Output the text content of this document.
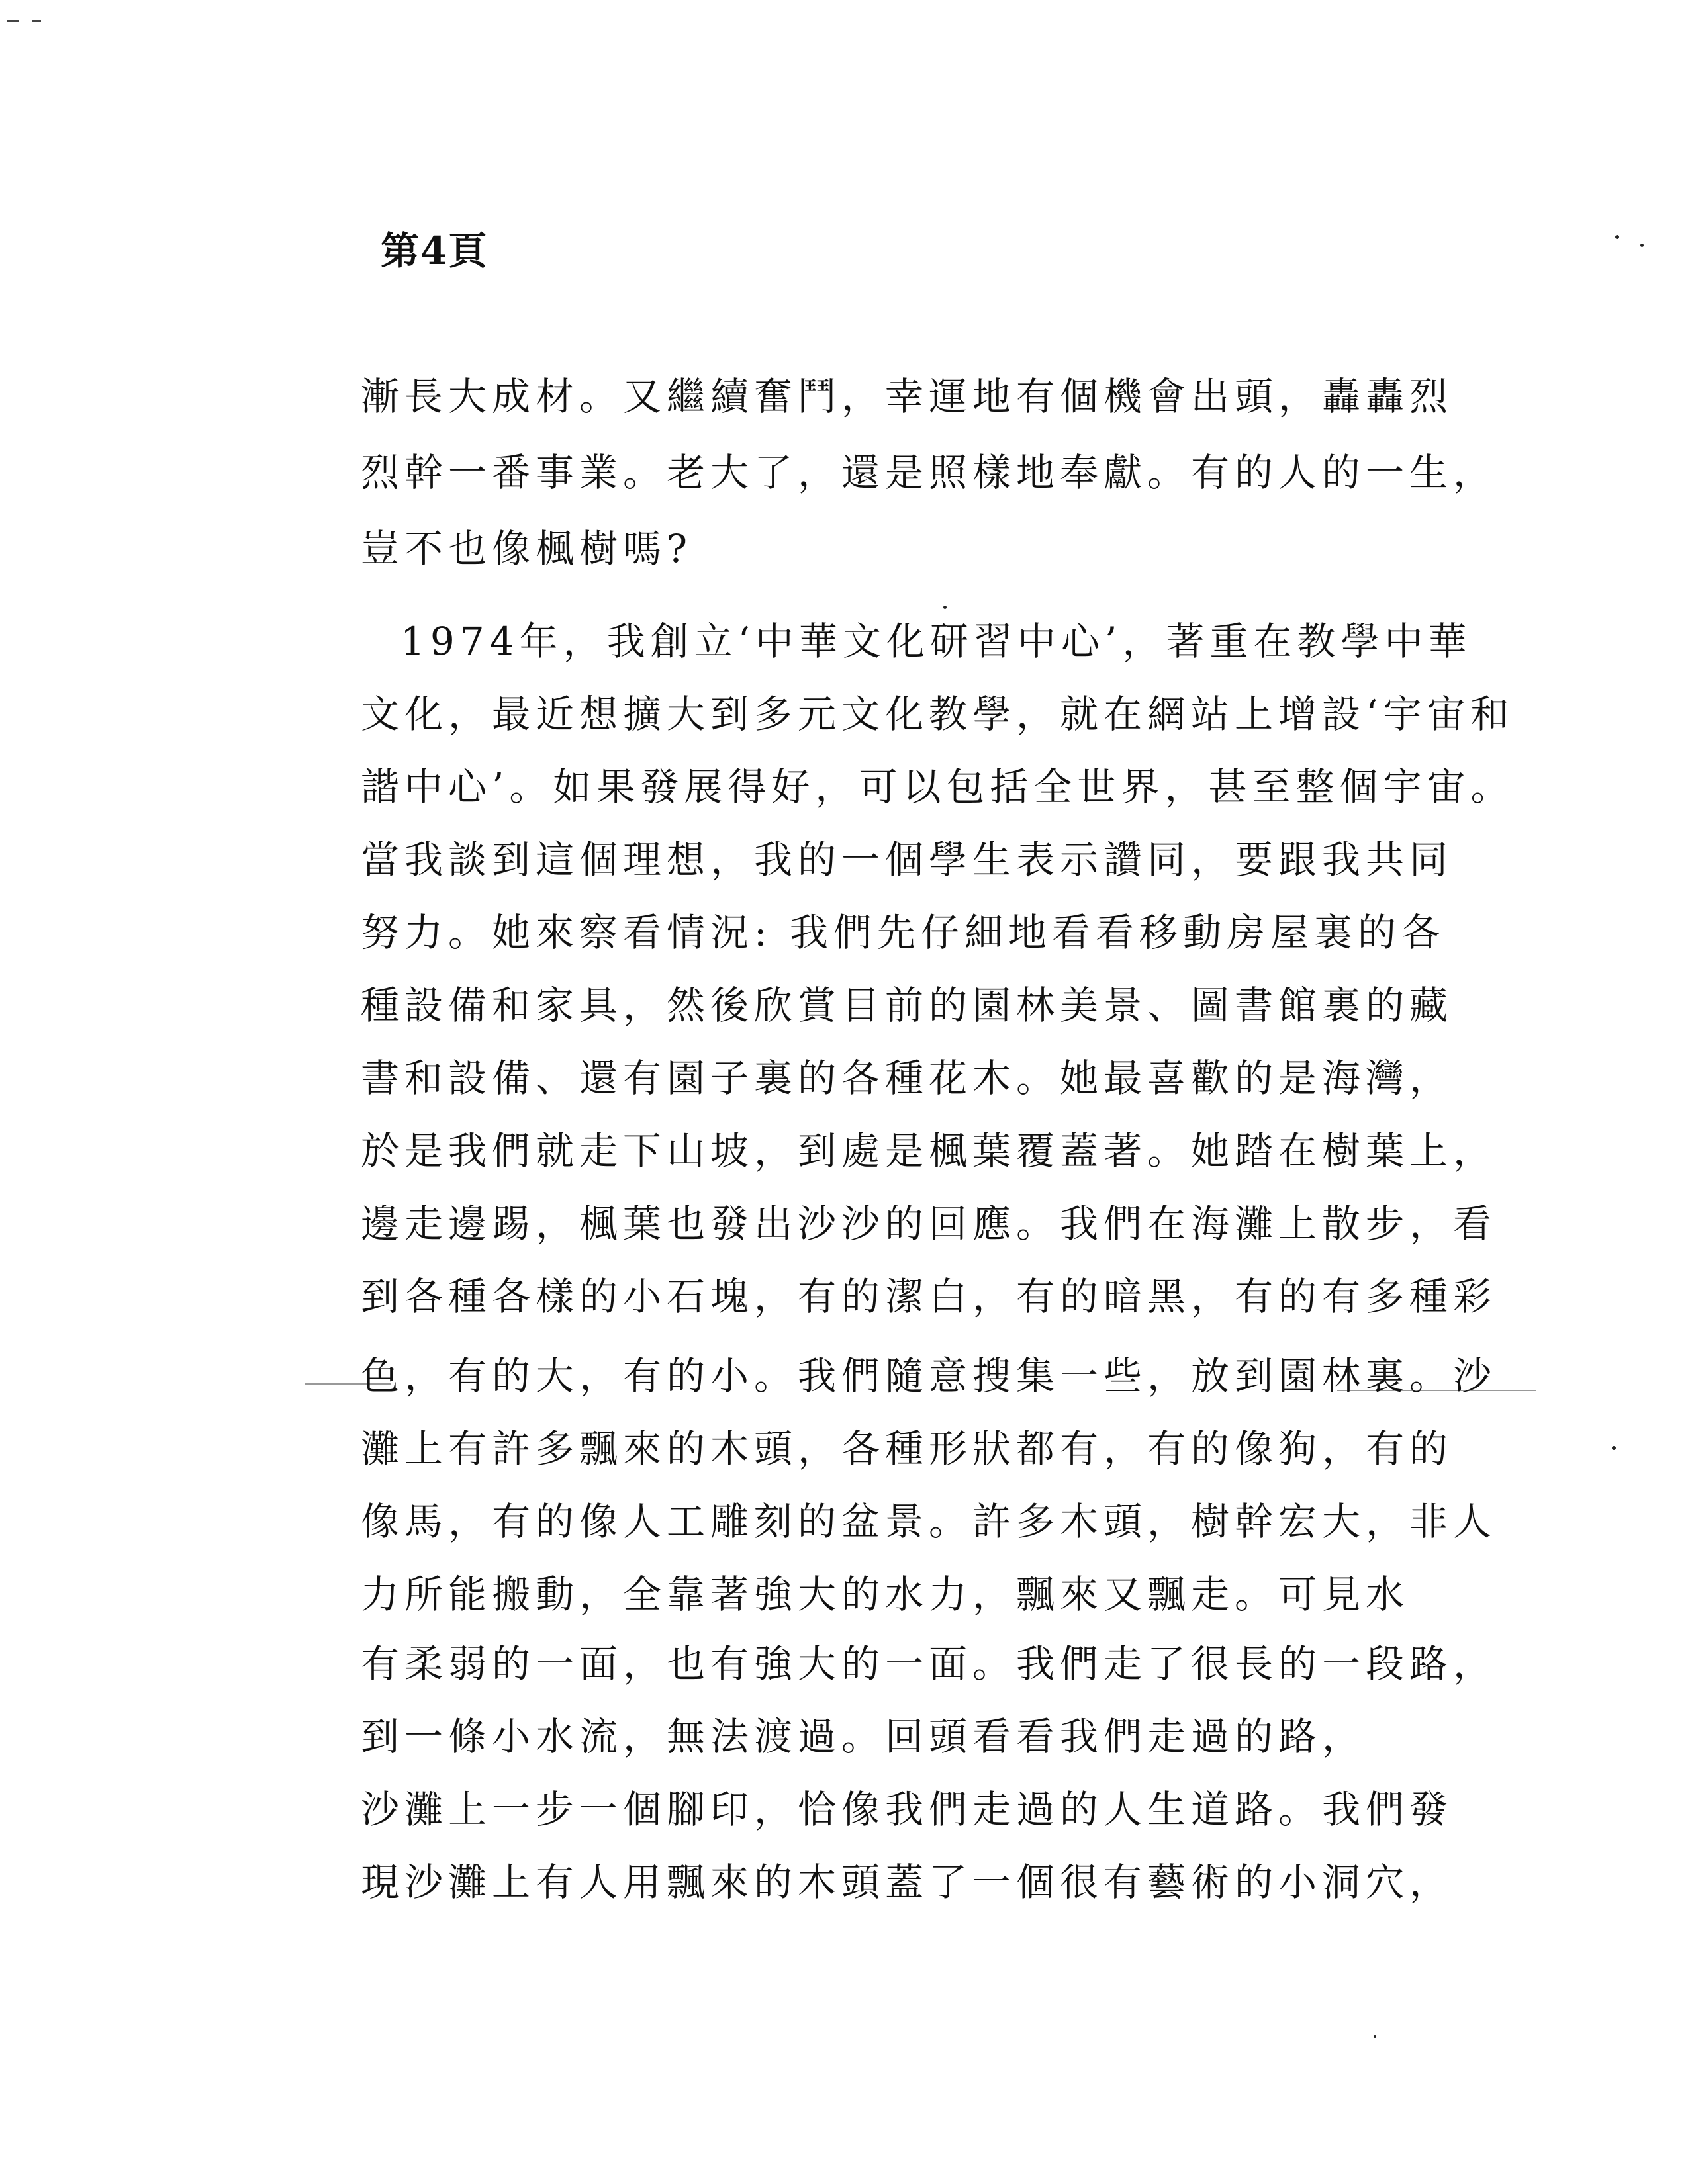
第4頁
漸長大成材。又繼續奮鬥，幸運地有個機會出頭，轟轟烈
烈幹一番事業。老大了，還是照樣地奉獻。有的人的一生，
豈不也像楓樹嗎?
1974年，我創立‘中華文化研習中心’，著重在教學中華
文化，最近想擴大到多元文化教學，就在網站上增設‘宇宙和
諧中心’。如果發展得好，可以包括全世界，甚至整個宇宙。
當我談到這個理想，我的一個學生表示讚同，要跟我共同
努力。她來察看情況: 我們先仔細地看看移動房屋裏的各
種設備和家具，然後欣賞目前的園林美景、圖書館裏的藏
書和設備、還有園子裏的各種花木。她最喜歡的是海灣，
於是我們就走下山坡，到處是楓葉覆蓋著。她踏在樹葉上，
邊走邊踢，楓葉也發出沙沙的回應。我們在海灘上散步，看
到各種各樣的小石塊，有的潔白，有的暗黑，有的有多種彩
色，有的大，有的小。我們隨意搜集一些，放到園林裏。沙
灘上有許多飄來的木頭，各種形狀都有，有的像狗，有的
像馬，有的像人工雕刻的盆景。許多木頭，樹幹宏大，非人
力所能搬動，全靠著強大的水力，飄來又飄走。可見水
有柔弱的一面，也有強大的一面。我們走了很長的一段路，
到一條小水流，無法渡過。回頭看看我們走過的路，
沙灘上一步一個腳印，恰像我們走過的人生道路。我們發
現沙灘上有人用飄來的木頭蓋了一個很有藝術的小洞穴，
